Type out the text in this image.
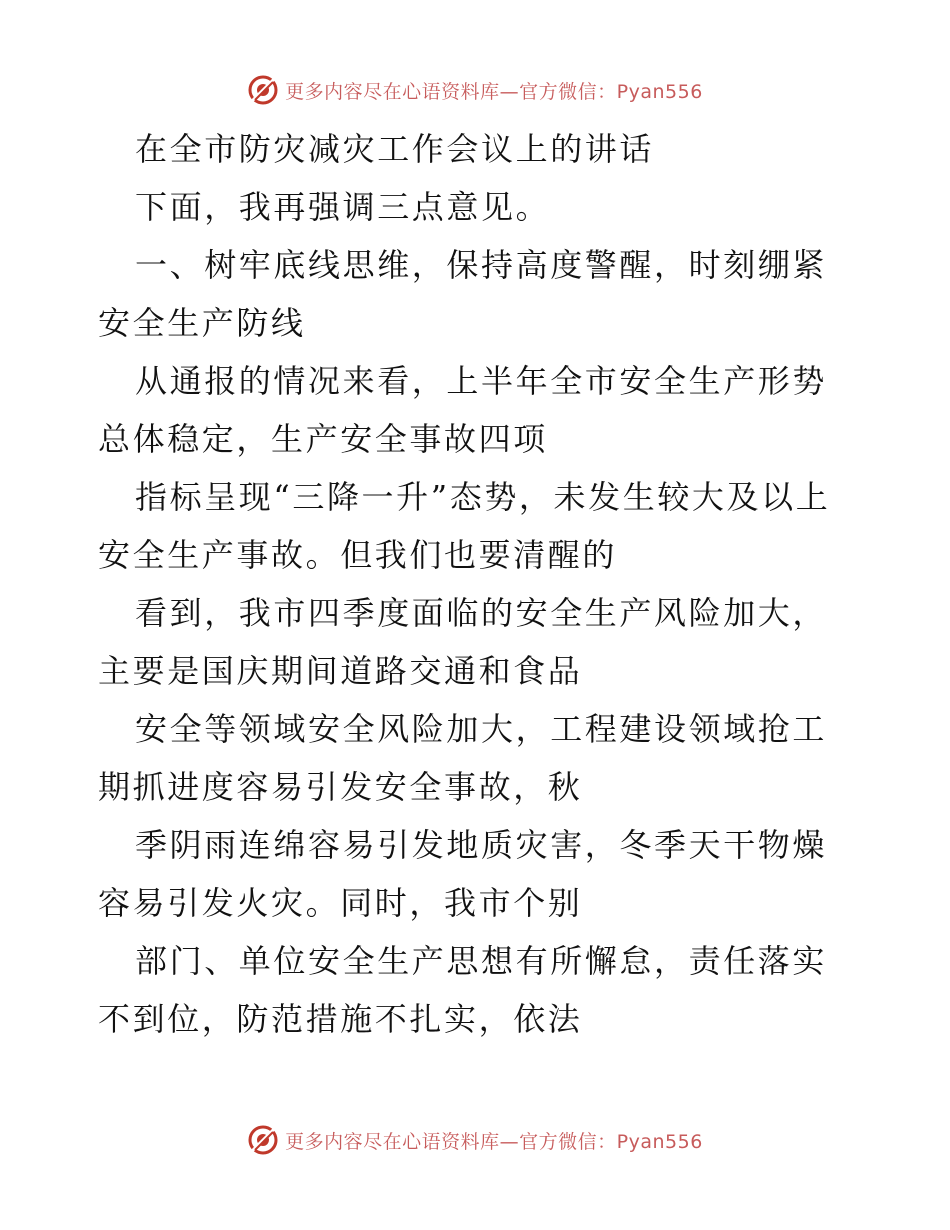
更多内容尽在心语资料库—官方微信：Pyan556

在全市防灾减灾工作会议上的讲话

下面，我再强调三点意见。

一、树牢底线思维，保持高度警醒，时刻绷紧安全生产防线

从通报的情况来看，上半年全市安全生产形势总体稳定，生产安全事故四项

指标呈现“三降一升”态势，未发生较大及以上安全生产事故。但我们也要清醒的

看到，我市四季度面临的安全生产风险加大，主要是国庆期间道路交通和食品

安全等领域安全风险加大，工程建设领域抢工期抓进度容易引发安全事故，秋

季阴雨连绵容易引发地质灾害，冬季天干物燥容易引发火灾。同时，我市个别

部门、单位安全生产思想有所懈怠，责任落实不到位，防范措施不扎实，依法

更多内容尽在心语资料库—官方微信：Pyan556
